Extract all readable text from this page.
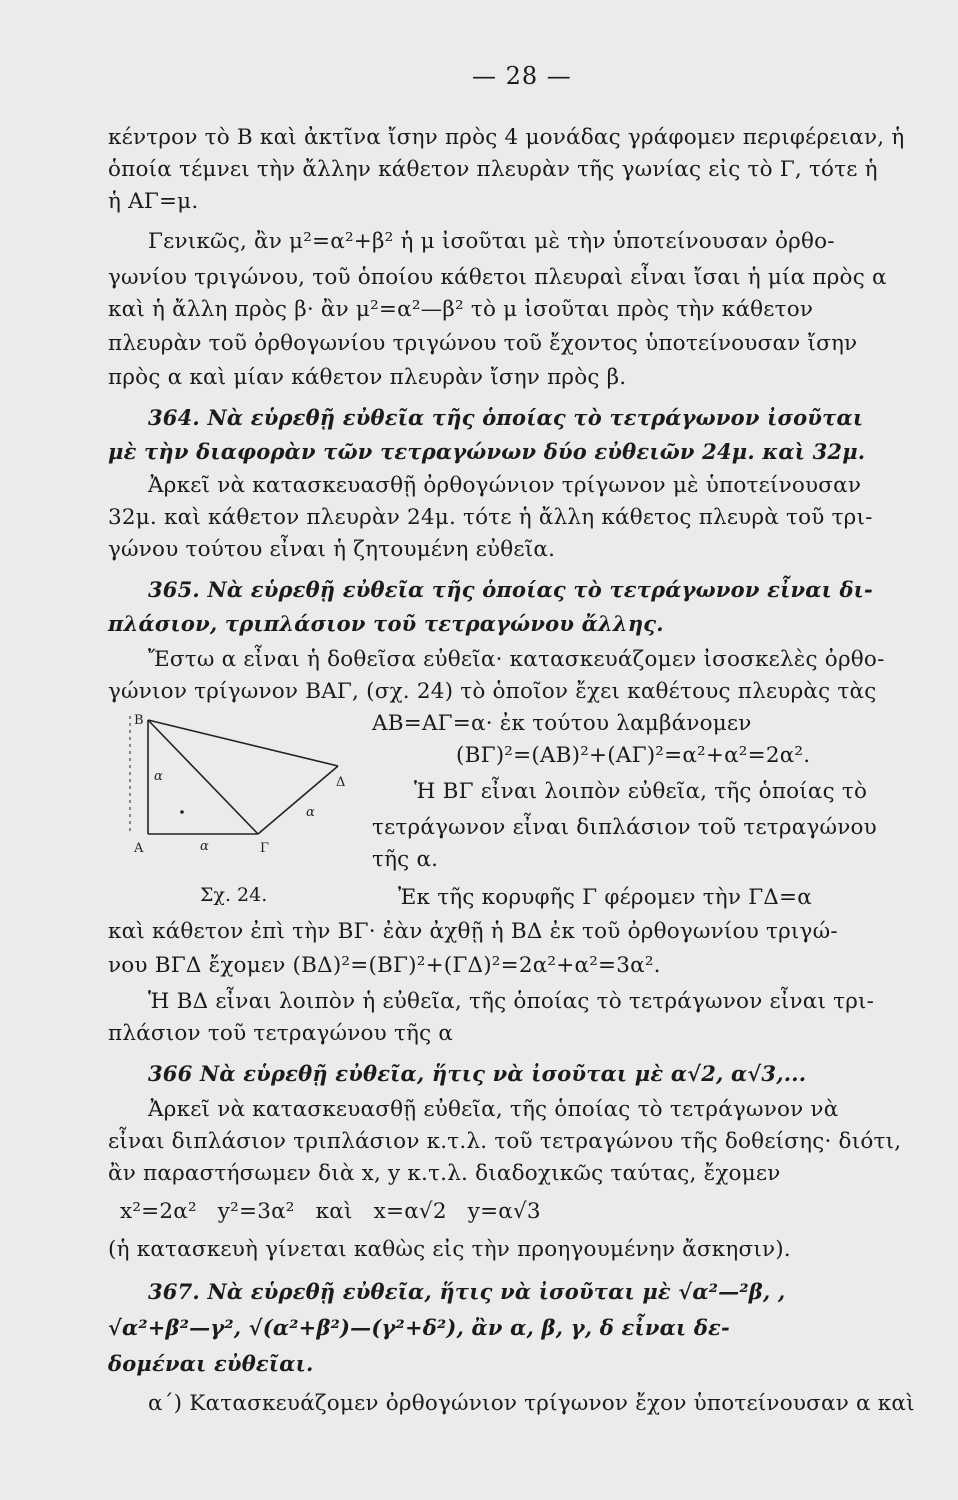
— 28 —
κέντρον τὸ Β καὶ ἀκτῖνα ἴσην πρὸς 4 μονάδας γράφομεν περιφέρειαν, ἡ
ὁποία τέμνει τὴν ἄλλην κάθετον πλευρὰν τῆς γωνίας εἰς τὸ Γ, τότε ἡ
ἡ ΑΓ=μ.
Γενικῶς, ἂν μ²=α²+β² ἡ μ ἰσοῦται μὲ τὴν ὑποτείνουσαν ὀρθο-
γωνίου τριγώνου, τοῦ ὁποίου κάθετοι πλευραὶ εἶναι ἴσαι ἡ μία πρὸς α
καὶ ἡ ἄλλη πρὸς β· ἂν μ²=α²—β² τὸ μ ἰσοῦται πρὸς τὴν κάθετον
πλευρὰν τοῦ ὀρθογωνίου τριγώνου τοῦ ἔχοντος ὑποτείνουσαν ἴσην
πρὸς α καὶ μίαν κάθετον πλευρὰν ἴσην πρὸς β.
364. Νὰ εὑρεθῇ εὐθεῖα τῆς ὁποίας τὸ τετράγωνον ἰσοῦται
μὲ τὴν διαφορὰν τῶν τετραγώνων δύο εὐθειῶν 24μ. καὶ 32μ.
Ἀρκεῖ νὰ κατασκευασθῇ ὀρθογώνιον τρίγωνον μὲ ὑποτείνουσαν
32μ. καὶ κάθετον πλευρὰν 24μ. τότε ἡ ἄλλη κάθετος πλευρὰ τοῦ τρι-
γώνου τούτου εἶναι ἡ ζητουμένη εὐθεῖα.
365. Νὰ εὑρεθῇ εὐθεῖα τῆς ὁποίας τὸ τετράγωνον εἶναι δι-
πλάσιον, τριπλάσιον τοῦ τετραγώνου ἄλλης.
Ἔστω α εἶναι ἡ δοθεῖσα εὐθεῖα· κατασκευάζομεν ἰσοσκελὲς ὀρθο-
γώνιον τρίγωνον ΒΑΓ, (σχ. 24) τὸ ὁποῖον ἔχει καθέτους πλευρὰς τὰς
ΑΒ=ΑΓ=α· ἐκ τούτου λαμβάνομεν
(ΒΓ)²=(ΑΒ)²+(ΑΓ)²=α²+α²=2α².
Ἡ ΒΓ εἶναι λοιπὸν εὐθεῖα, τῆς ὁποίας τὸ
τετράγωνον εἶναι διπλάσιον τοῦ τετραγώνου
τῆς α.
Ἐκ τῆς κορυφῆς Γ φέρομεν τὴν ΓΔ=α
καὶ κάθετον ἐπὶ τὴν ΒΓ· ἐὰν ἀχθῇ ἡ ΒΔ ἐκ τοῦ ὀρθογωνίου τριγώ-
νου ΒΓΔ ἔχομεν (ΒΔ)²=(ΒΓ)²+(ΓΔ)²=2α²+α²=3α².
Ἡ ΒΔ εἶναι λοιπὸν ἡ εὐθεῖα, τῆς ὁποίας τὸ τετράγωνον εἶναι τρι-
πλάσιον τοῦ τετραγώνου τῆς α
366 Νὰ εὑρεθῇ εὐθεῖα, ἥτις νὰ ἰσοῦται μὲ α√2, α√3,...
Ἀρκεῖ νὰ κατασκευασθῇ εὐθεῖα, τῆς ὁποίας τὸ τετράγωνον νὰ
εἶναι διπλάσιον τριπλάσιον κ.τ.λ. τοῦ τετραγώνου τῆς δοθείσης· διότι,
ἂν παραστήσωμεν διὰ x, y κ.τ.λ. διαδοχικῶς ταύτας, ἔχομεν
x²=2α² y²=3α² καὶ x=α√2 y=α√3
(ἡ κατασκευὴ γίνεται καθὼς εἰς τὴν προηγουμένην ἄσκησιν).
367. Νὰ εὑρεθῇ εὐθεῖα, ἥτις νὰ ἰσοῦται μὲ √α²—²β, ,
√α²+β²—γ², √(α²+β²)—(γ²+δ²), ἂν α, β, γ, δ εἶναι δε-
δομέναι εὐθεῖαι.
α΄) Κατασκευάζομεν ὀρθογώνιον τρίγωνον ἔχον ὑποτείνουσαν α καὶ
B
Α	Γ
Δ
α
α
α
Σχ. 24.
